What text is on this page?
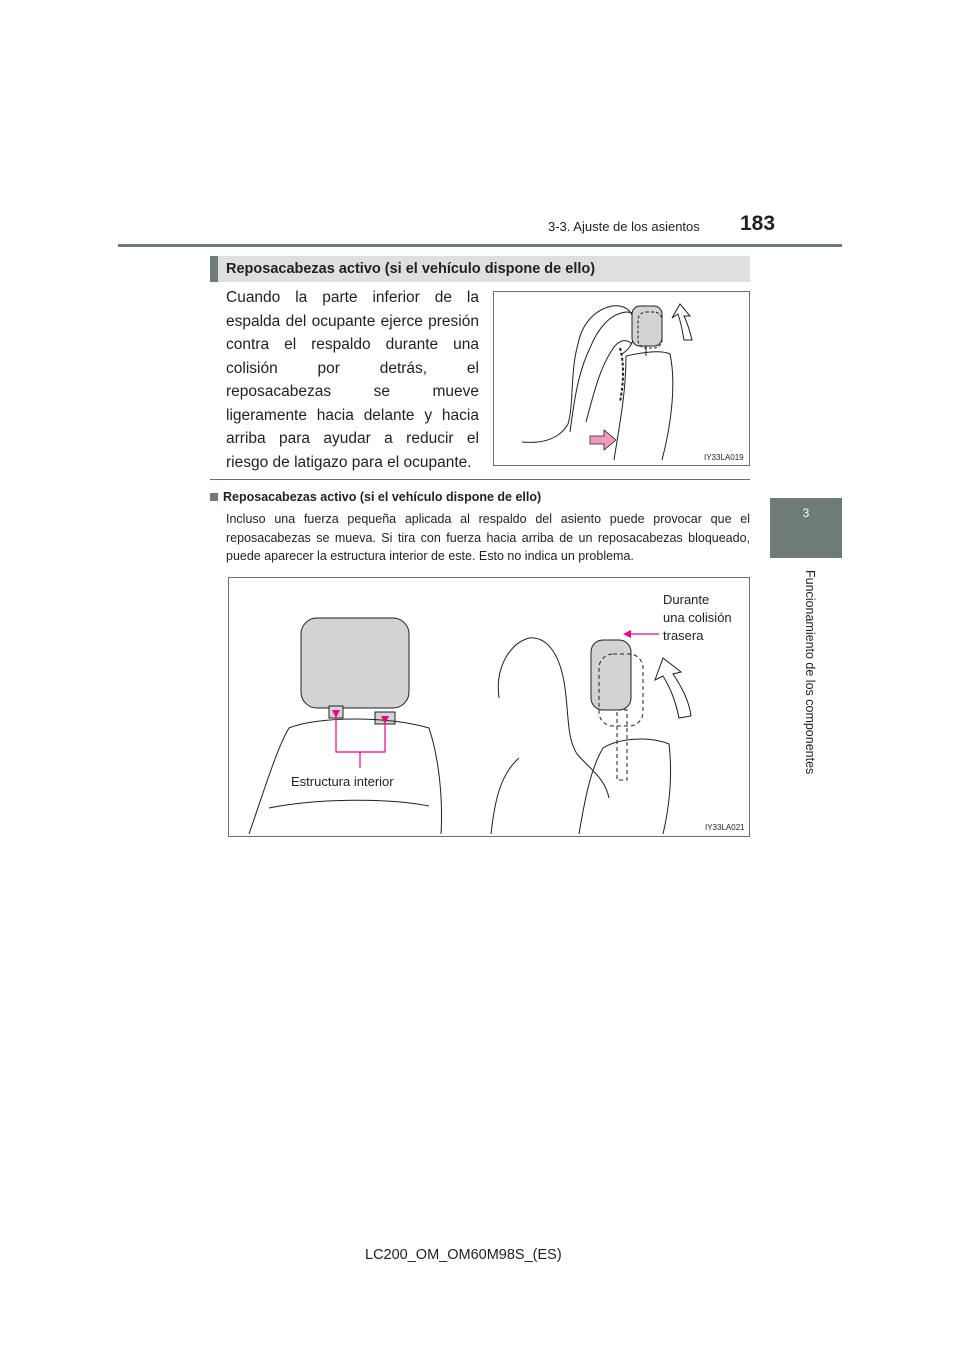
3-3. Ajuste de los asientos 183
3
Funcionamiento de los componentes
Reposacabezas activo (si el vehículo dispone de ello)
Cuando la parte inferior de la espalda del ocupante ejerce presión contra el respaldo durante una colisión por detrás, el reposacabezas se mueve ligeramente hacia delante y hacia arriba para ayudar a reducir el riesgo de latigazo para el ocupante.	IY33LA019
Reposacabezas activo (si el vehículo dispone de ello)
Incluso una fuerza pequeña aplicada al respaldo del asiento puede provocar que el reposacabezas se mueva. Si tira con fuerza hacia arriba de un reposacabezas bloqueado, puede aparecer la estructura interior de este. Esto no indica un problema.
Estructura interior
Durante
una colisión
trasera
IY33LA021
LC200_OM_OM60M98S_(ES)
